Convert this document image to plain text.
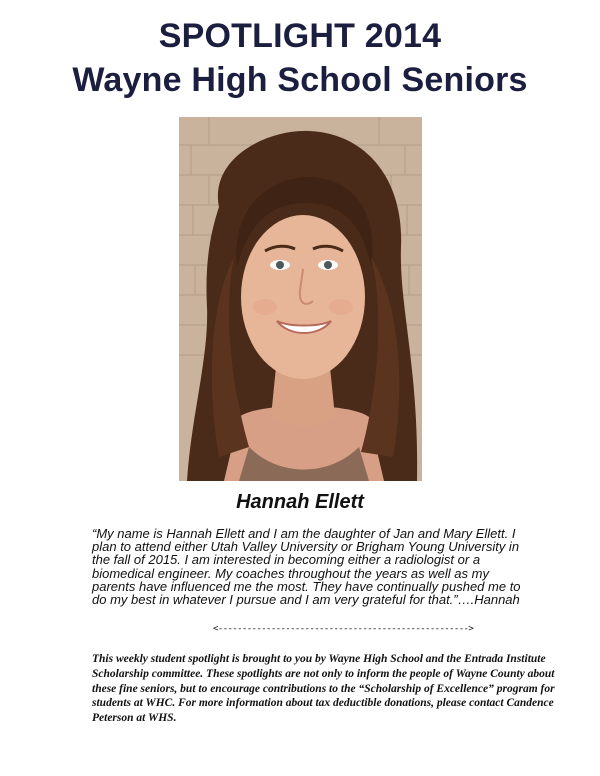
SPOTLIGHT 2014
Wayne High School Seniors
Hannah Ellett

“My name is Hannah Ellett and I am the daughter of Jan and Mary Ellett. I plan to attend either Utah Valley University or Brigham Young University in the fall of 2015. I am interested in becoming either a radiologist or a biomedical engineer. My coaches throughout the years as well as my parents have influenced me the most. They have continually pushed me to do my best in whatever I pursue and I am very grateful for that.”….Hannah

<---------------------------------------------------->

This weekly student spotlight is brought to you by Wayne High School and the Entrada Institute Scholarship committee. These spotlights are not only to inform the people of Wayne County about these fine seniors, but to encourage contributions to the “Scholarship of Excellence” program for students at WHC. For more information about tax deductible donations, please contact Candence Peterson at WHS.
